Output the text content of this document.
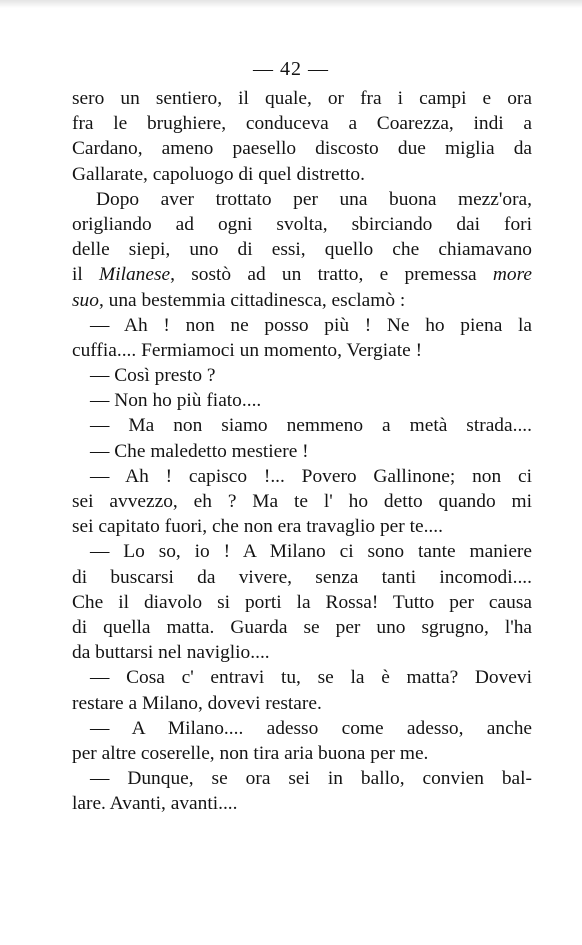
— 42 —
sero un sentiero, il quale, or fra i campi e ora
fra le brughiere, conduceva a Coarezza, indi a
Cardano, ameno paesello discosto due miglia da
Gallarate, capoluogo di quel distretto.
Dopo aver trottato per una buona mezz'ora,
origliando ad ogni svolta, sbirciando dai fori
delle siepi, uno di essi, quello che chiamavano
il Milanese, sostò ad un tratto, e premessa more
suo, una bestemmia cittadinesca, esclamò :
— Ah ! non ne posso più ! Ne ho piena la
cuffia.... Fermiamoci un momento, Vergiate !
— Così presto ?
— Non ho più fiato....
— Ma non siamo nemmeno a metà strada....
— Che maledetto mestiere !
— Ah ! capisco !... Povero Gallinone; non ci
sei avvezzo, eh ? Ma te l' ho detto quando mi
sei capitato fuori, che non era travaglio per te....
— Lo so, io ! A Milano ci sono tante maniere
di buscarsi da vivere, senza tanti incomodi....
Che il diavolo si porti la Rossa! Tutto per causa
di quella matta. Guarda se per uno sgrugno, l'ha
da buttarsi nel naviglio....
— Cosa c' entravi tu, se la è matta? Dovevi
restare a Milano, dovevi restare.
— A Milano.... adesso come adesso, anche
per altre coserelle, non tira aria buona per me.
— Dunque, se ora sei in ballo, convien bal-
lare. Avanti, avanti....
